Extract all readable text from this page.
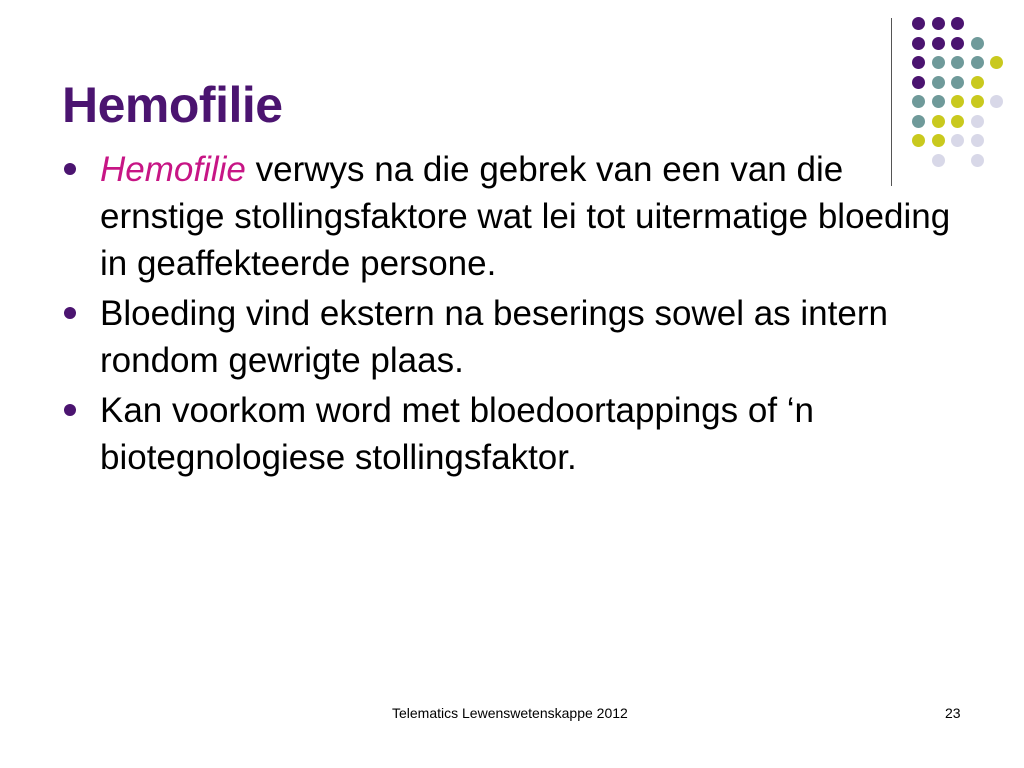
Hemofilie
Hemofilie verwys na die gebrek van een van die ernstige stollingsfaktore wat lei tot uitermatige bloeding in geaffekteerde persone.
Bloeding vind ekstern na beserings sowel as intern rondom gewrigte plaas.
Kan voorkom word met bloedoortappings of ‘n biotegnologiese stollingsfaktor.
Telematics Lewenswetenskappe 2012	23
